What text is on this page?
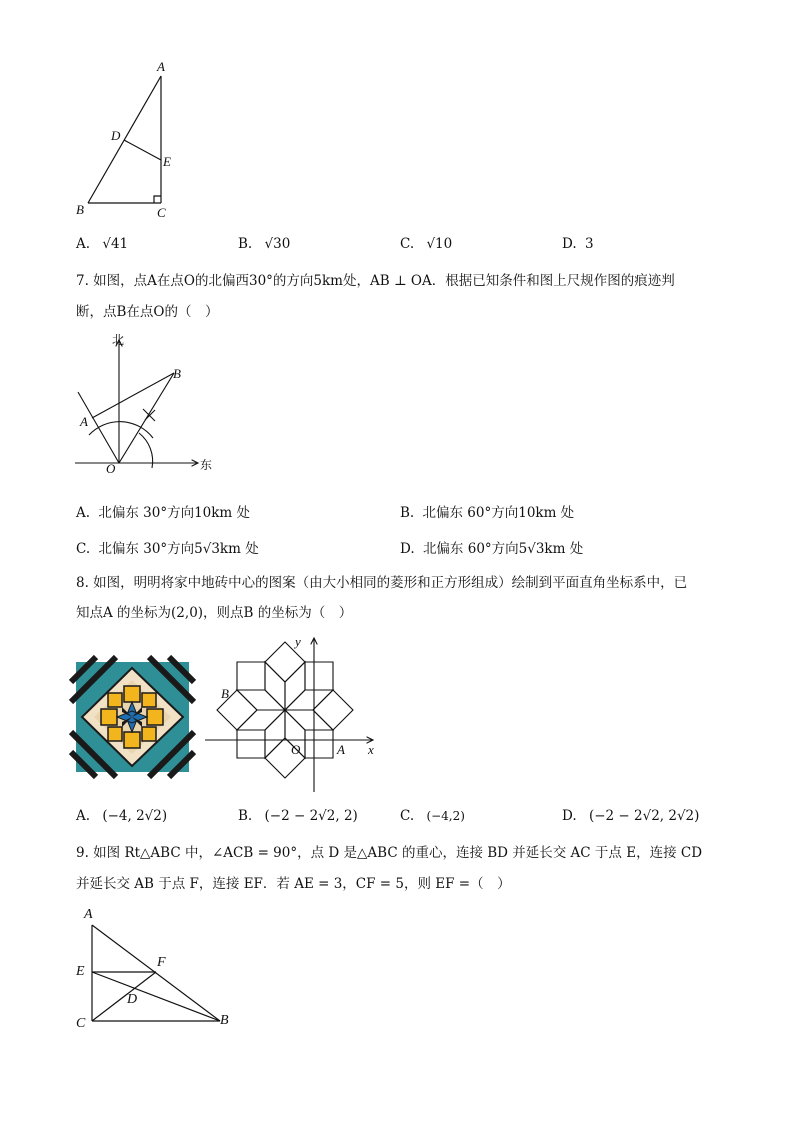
A
D
E
B	C
A. √41	B. √30	C. √10	D. 3
7. 如图，点A在点O的北偏西30°的方向5km处，AB ⊥ OA．根据已知条件和图上尺规作图的痕迹判
断，点B在点O的（　）
北
东
B
A
O
A. 北偏东 30°方向10km 处	B. 北偏东 60°方向10km 处
C. 北偏东 30°方向5√3km 处	D. 北偏东 60°方向5√3km 处
8. 如图，明明将家中地砖中心的图案（由大小相同的菱形和正方形组成）绘制到平面直角坐标系中，已
知点A 的坐标为(2,0)，则点B 的坐标为（　）
y
B
O	A x
A. (−4, 2√2)	B. (−2 − 2√2, 2)	C. (−4,2)	D. (−2 − 2√2, 2√2)
9. 如图 Rt△ABC 中，∠ACB = 90°，点 D 是△ABC 的重心，连接 BD 并延长交 AC 于点 E，连接 CD
并延长交 AB 于点 F，连接 EF．若 AE = 3，CF = 5，则 EF =（　）
A
E
F
D
C	B
